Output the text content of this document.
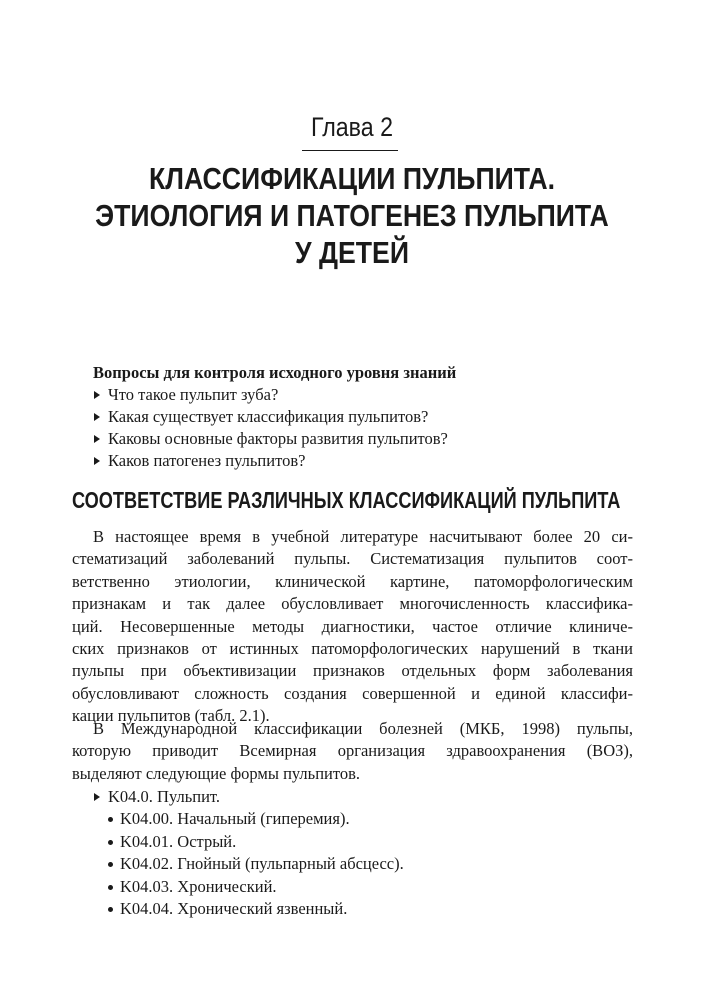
Глава 2
КЛАССИФИКАЦИИ ПУЛЬПИТА.
ЭТИОЛОГИЯ И ПАТОГЕНЕЗ ПУЛЬПИТА
У ДЕТЕЙ
Вопросы для контроля исходного уровня знаний
Что такое пульпит зуба?
Какая существует классификация пульпитов?
Каковы основные факторы развития пульпитов?
Каков патогенез пульпитов?
СООТВЕТСТВИЕ РАЗЛИЧНЫХ КЛАССИФИКАЦИЙ ПУЛЬПИТА
В настоящее время в учебной литературе насчитывают более 20 си-
стематизаций заболеваний пульпы. Систематизация пульпитов соот-
ветственно этиологии, клинической картине, патоморфологическим
признакам и так далее обусловливает многочисленность классифика-
ций. Несовершенные методы диагностики, частое отличие клиниче-
ских признаков от истинных патоморфологических нарушений в ткани
пульпы при объективизации признаков отдельных форм заболевания
обусловливают сложность создания совершенной и единой классифи-
кации пульпитов (табл. 2.1).
В Международной классификации болезней (МКБ, 1998) пульпы,
которую приводит Всемирная организация здравоохранения (ВОЗ),
выделяют следующие формы пульпитов.
K04.0. Пульпит.
K04.00. Начальный (гиперемия).
K04.01. Острый.
K04.02. Гнойный (пульпарный абсцесс).
K04.03. Хронический.
K04.04. Хронический язвенный.
